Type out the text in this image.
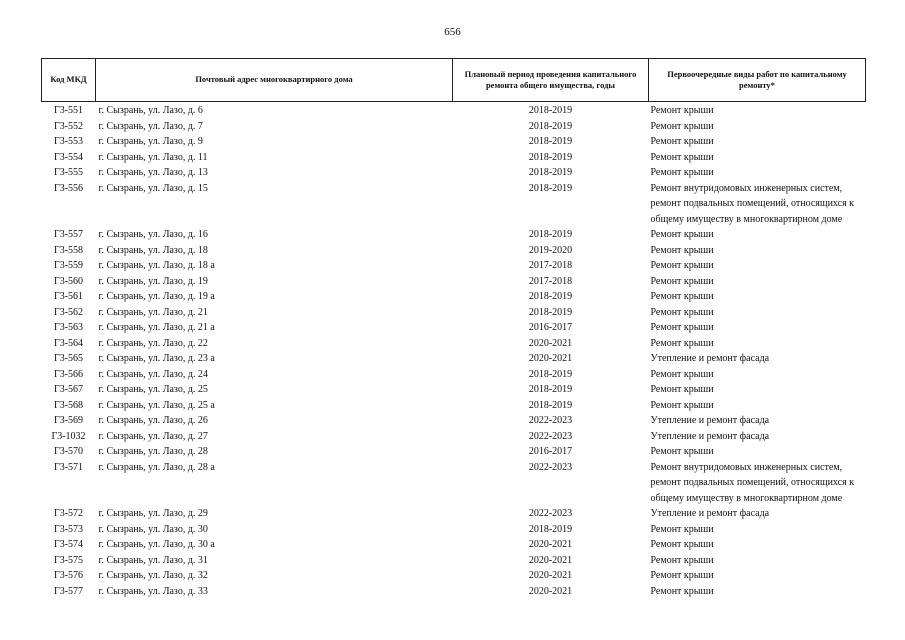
656
Код МКД	Почтовый адрес многоквартирного дома	Плановый период проведения капитального ремонта общего имущества, годы	Первоочередные виды работ по капитальному ремонту*
Г3-551	г. Сызрань, ул. Лазо, д. 6	2018-2019	Ремонт крыши

Г3-552	г. Сызрань, ул. Лазо, д. 7	2018-2019	Ремонт крыши

Г3-553	г. Сызрань, ул. Лазо, д. 9	2018-2019	Ремонт крыши

Г3-554	г. Сызрань, ул. Лазо, д. 11	2018-2019	Ремонт крыши

Г3-555	г. Сызрань, ул. Лазо, д. 13	2018-2019	Ремонт крыши

Г3-556	г. Сызрань, ул. Лазо, д. 15	2018-2019	Ремонт внутридомовых инженерных систем,
ремонт подвальных помещений, относящихся к
общему имуществу в многоквартирном доме

Г3-557	г. Сызрань, ул. Лазо, д. 16	2018-2019	Ремонт крыши

Г3-558	г. Сызрань, ул. Лазо, д. 18	2019-2020	Ремонт крыши

Г3-559	г. Сызрань, ул. Лазо, д. 18 а	2017-2018	Ремонт крыши

Г3-560	г. Сызрань, ул. Лазо, д. 19	2017-2018	Ремонт крыши

Г3-561	г. Сызрань, ул. Лазо, д. 19 а	2018-2019	Ремонт крыши

Г3-562	г. Сызрань, ул. Лазо, д. 21	2018-2019	Ремонт крыши

Г3-563	г. Сызрань, ул. Лазо, д. 21 а	2016-2017	Ремонт крыши

Г3-564	г. Сызрань, ул. Лазо, д. 22	2020-2021	Ремонт крыши

Г3-565	г. Сызрань, ул. Лазо, д. 23 а	2020-2021	Утепление и ремонт фасада

Г3-566	г. Сызрань, ул. Лазо, д. 24	2018-2019	Ремонт крыши

Г3-567	г. Сызрань, ул. Лазо, д. 25	2018-2019	Ремонт крыши

Г3-568	г. Сызрань, ул. Лазо, д. 25 а	2018-2019	Ремонт крыши

Г3-569	г. Сызрань, ул. Лазо, д. 26	2022-2023	Утепление и ремонт фасада

Г3-1032	г. Сызрань, ул. Лазо, д. 27	2022-2023	Утепление и ремонт фасада

Г3-570	г. Сызрань, ул. Лазо, д. 28	2016-2017	Ремонт крыши

Г3-571	г. Сызрань, ул. Лазо, д. 28 а	2022-2023	Ремонт внутридомовых инженерных систем,
ремонт подвальных помещений, относящихся к
общему имуществу в многоквартирном доме

Г3-572	г. Сызрань, ул. Лазо, д. 29	2022-2023	Утепление и ремонт фасада

Г3-573	г. Сызрань, ул. Лазо, д. 30	2018-2019	Ремонт крыши

Г3-574	г. Сызрань, ул. Лазо, д. 30 а	2020-2021	Ремонт крыши

Г3-575	г. Сызрань, ул. Лазо, д. 31	2020-2021	Ремонт крыши

Г3-576	г. Сызрань, ул. Лазо, д. 32	2020-2021	Ремонт крыши

Г3-577	г. Сызрань, ул. Лазо, д. 33	2020-2021	Ремонт крыши
